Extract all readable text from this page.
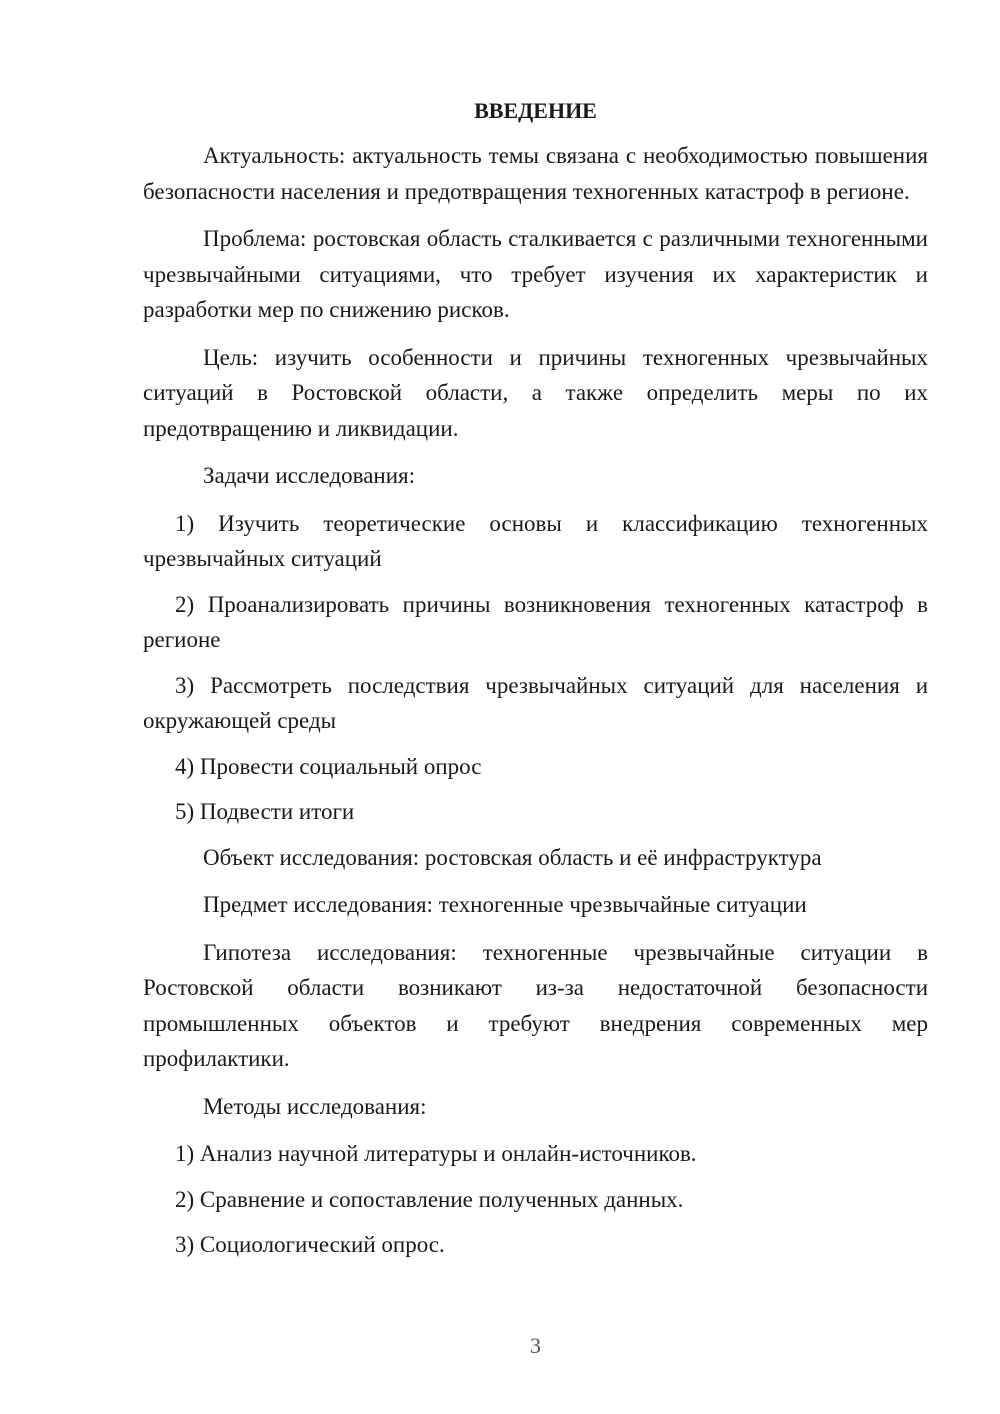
ВВЕДЕНИЕ

Актуальность: актуальность темы связана с необходимостью повышения безопасности населения и предотвращения техногенных катастроф в регионе.

Проблема: ростовская область сталкивается с различными техногенными чрезвычайными ситуациями, что требует изучения их характеристик и разработки мер по снижению рисков.

Цель: изучить особенности и причины техногенных чрезвычайных ситуаций в Ростовской области, а также определить меры по их предотвращению и ликвидации.

Задачи исследования:

1) Изучить теоретические основы и классификацию техногенных чрезвычайных ситуаций

2) Проанализировать причины возникновения техногенных катастроф в регионе

3) Рассмотреть последствия чрезвычайных ситуаций для населения и окружающей среды

4) Провести социальный опрос

5) Подвести итоги

Объект исследования: ростовская область и её инфраструктура

Предмет исследования: техногенные чрезвычайные ситуации

Гипотеза исследования: техногенные чрезвычайные ситуации в Ростовской области возникают из-за недостаточной безопасности промышленных объектов и требуют внедрения современных мер профилактики.

Методы исследования:

1) Анализ научной литературы и онлайн-источников.

2) Сравнение и сопоставление полученных данных.

3) Социологический опрос.

3
